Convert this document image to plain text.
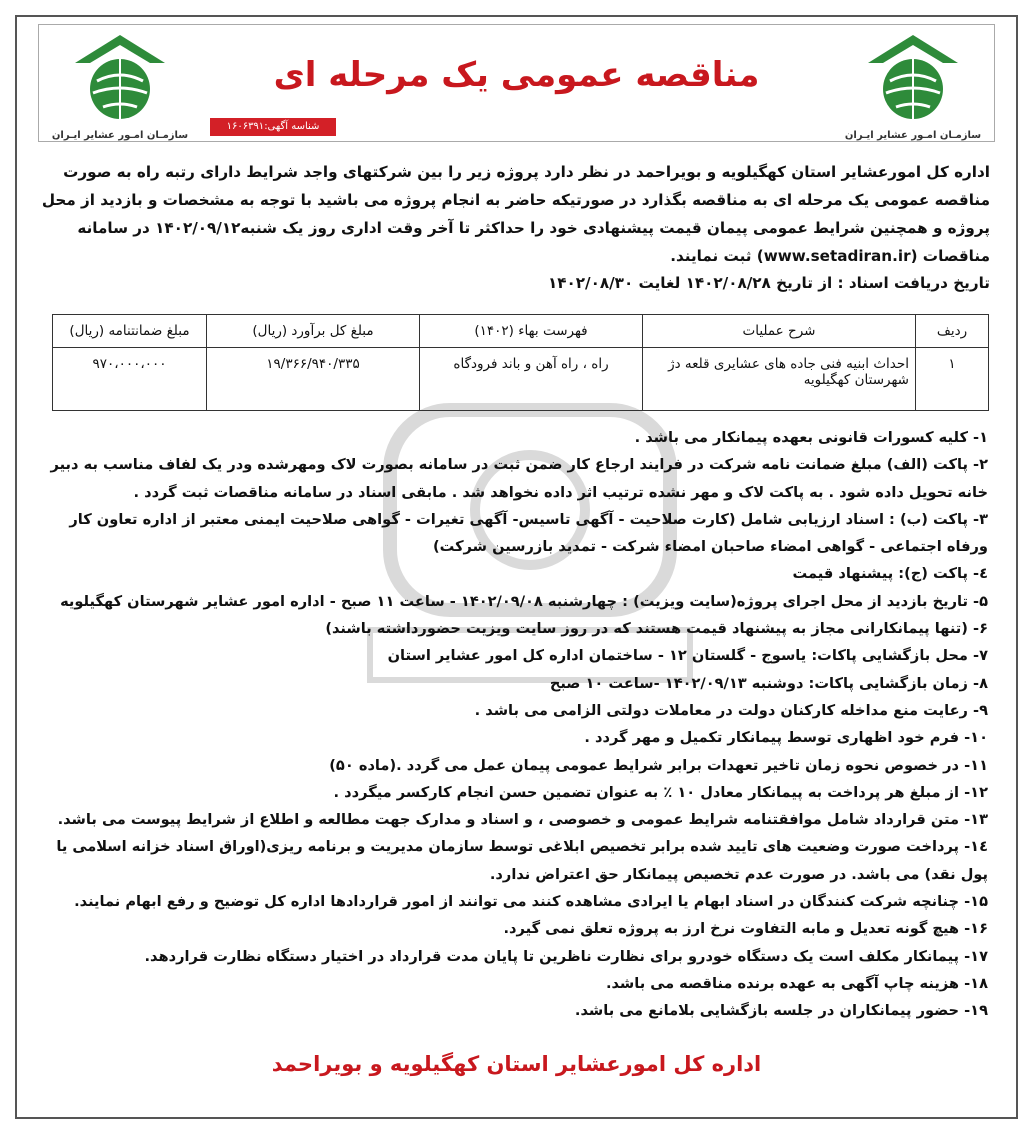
سازمـان امـور عشایر ایـران
سازمـان امـور عشایر ایـران
مناقصه عمومی یک مرحله ای
شناسه آگهی:۱۶۰۶۳۹۱

اداره کل امورعشایر استان کهگیلویه و بویراحمد در نظر دارد پروژه زیر را بین شرکتهای واجد شرایط دارای رتبه راه به صورت مناقصه عمومی یک مرحله ای به مناقصه بگذارد در صورتیکه حاضر به انجام پروژه می باشید با توجه به مشخصات و بازدید از محل پروژه و همچنین شرایط عمومی پیمان قیمت پیشنهادی خود را حداکثر تا آخر وقت اداری روز یک شنبه۱۴۰۲/۰۹/۱۲ در سامانه مناقصات (www.setadiran.ir) ثبت نمایند.

تاریخ دریافت اسناد : از تاریخ ۱۴۰۲/۰۸/۲۸ لغایت ۱۴۰۲/۰۸/۳۰

ردیف	شرح عملیات	فهرست بهاء (۱۴۰۲)	مبلغ کل برآورد (ریال)	مبلغ ضمانتنامه (ریال)
۱	احداث ابنیه فنی جاده های عشایری قلعه دژ شهرستان کهگیلویه	راه ، راه آهن و باند فرودگاه	۱۹/۳۶۶/۹۴۰/۳۳۵	۹۷۰،۰۰۰،۰۰۰
۱- کلیه کسورات قانونی بعهده پیمانکار می باشد .
۲- پاکت (الف) مبلغ ضمانت نامه شرکت در فرایند ارجاع کار ضمن ثبت در سامانه بصورت لاک ومهرشده ودر یک لفاف مناسب به دبیر خانه تحویل داده شود . به پاکت لاک و مهر نشده ترتیب اثر داده نخواهد شد . مابقی اسناد در سامانه مناقصات ثبت گردد .
۳- پاکت (ب) : اسناد ارزیابی شامل (کارت صلاحیت - آگهی تاسیس- آگهی تغیرات - گواهی صلاحیت ایمنی معتبر از اداره تعاون کار ورفاه اجتماعی - گواهی امضاء صاحبان امضاء شرکت - تمدید بازرسین شرکت)
٤- پاکت (ج): پیشنهاد قیمت
۵- تاریخ بازدید از محل اجرای پروژه(سایت ویزیت) : چهارشنبه ۱۴۰۲/۰۹/۰۸ - ساعت ۱۱ صبح - اداره امور عشایر شهرستان کهگیلویه
۶- (تنها پیمانکارانی مجاز به پیشنهاد قیمت هستند که در روز سایت ویزیت حضورداشته باشند)
۷- محل بازگشایی پاکات: یاسوج - گلستان ۱۲ - ساختمان اداره کل امور عشایر استان
۸- زمان بازگشایی پاکات: دوشنبه ۱۴۰۲/۰۹/۱۳ -ساعت ۱۰ صبح
۹- رعایت منع مداخله کارکنان دولت در معاملات دولتی الزامی می باشد .
۱۰- فرم خود اظهاری توسط پیمانکار تکمیل و مهر گردد .
۱۱- در خصوص نحوه زمان تاخیر تعهدات برابر شرایط عمومی پیمان عمل می گردد .(ماده ۵۰)
۱۲- از مبلغ هر پرداخت به پیمانکار معادل ۱۰ ٪ به عنوان تضمین حسن انجام کارکسر میگردد .
۱۳- متن قرارداد شامل موافقتنامه شرایط عمومی و خصوصی ، و اسناد و مدارک جهت مطالعه و اطلاع از شرایط پیوست می باشد.
۱٤- پرداخت صورت وضعیت های تایید شده برابر تخصیص ابلاغی توسط سازمان مدیریت و برنامه ریزی(اوراق اسناد خزانه اسلامی یا پول نقد) می باشد. در صورت عدم تخصیص پیمانکار حق اعتراض ندارد.
۱۵- چنانچه شرکت کنندگان در اسناد ابهام یا ایرادی مشاهده کنند می توانند از امور قراردادها اداره کل توضیح و رفع ابهام نمایند.
۱۶- هیچ گونه تعدیل و مابه التفاوت نرخ ارز به پروژه تعلق نمی گیرد.
۱۷- پیمانکار مکلف است یک دستگاه خودرو برای نظارت ناظرین تا پایان مدت قرارداد در اختیار دستگاه نظارت قراردهد.
۱۸- هزینه چاپ آگهی به عهده برنده مناقصه می باشد.
۱۹- حضور پیمانکاران در جلسه بازگشایی بلامانع می باشد.
اداره کل امورعشایر استان کهگیلویه و بویراحمد
